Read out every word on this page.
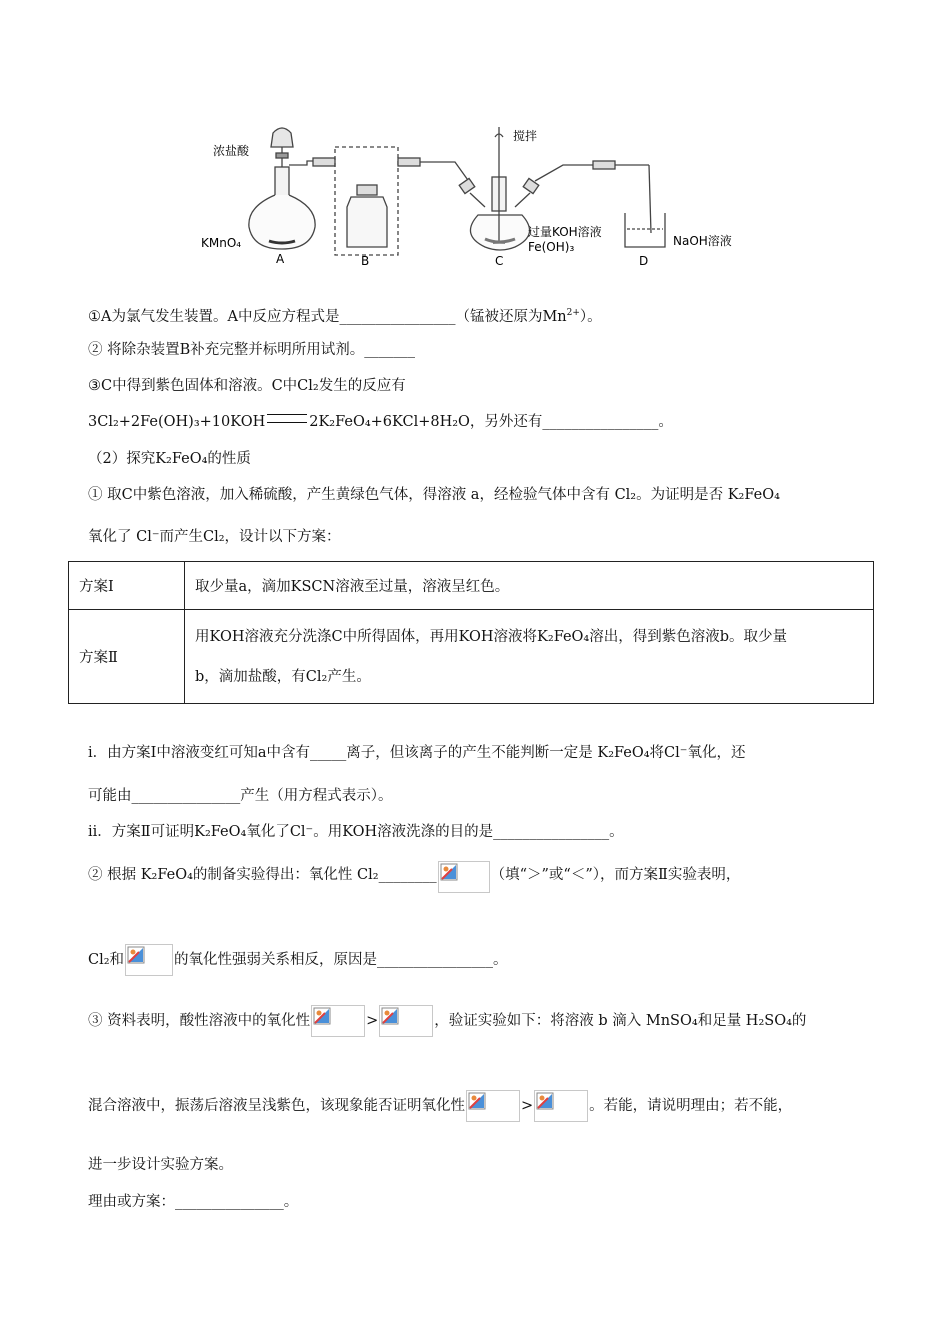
浓盐酸
KMnO₄
搅拌
过量KOH溶液
Fe(OH)₃	NaOH溶液
A	B	C	D
①A为氯气发生装置。A中反应方程式是________________（锰被还原为$Mn^{2+}$）。
② 将除杂装置B补充完整并标明所用试剂。_______
③C中得到紫色固体和溶液。C中Cl₂发生的反应有
3Cl₂+2Fe(OH)₃+10KOH	2K₂FeO₄+6KCl+8H₂O，另外还有________________。
（2）探究K₂FeO₄的性质
① 取C中紫色溶液，加入稀硫酸，产生黄绿色气体，得溶液 a，经检验气体中含有 Cl₂。为证明是否 K₂FeO₄
氧化了 Cl⁻而产生Cl₂，设计以下方案：
方案Ⅰ	取少量a，滴加KSCN溶液至过量，溶液呈红色。
方案Ⅱ	用KOH溶液充分洗涤C中所得固体，再用KOH溶液将K₂FeO₄溶出，得到紫色溶液b。取少量
b，滴加盐酸，有Cl₂产生。
i．由方案Ⅰ中溶液变红可知a中含有_____离子，但该离子的产生不能判断一定是 K₂FeO₄将Cl⁻氧化，还
可能由_______________产生（用方程式表示）。
ii．方案Ⅱ可证明K₂FeO₄氧化了Cl⁻。用KOH溶液洗涤的目的是________________。
② 根据 K₂FeO₄的制备实验得出：氧化性 Cl₂________	（填“＞”或“＜”），而方案Ⅱ实验表明，
Cl₂和	的氧化性强弱关系相反，原因是________________。
③ 资料表明，酸性溶液中的氧化性	>	，验证实验如下：将溶液 b 滴入 MnSO₄和足量 H₂SO₄的
混合溶液中，振荡后溶液呈浅紫色，该现象能否证明氧化性	>	。若能，请说明理由；若不能，
进一步设计实验方案。
理由或方案：_______________。
